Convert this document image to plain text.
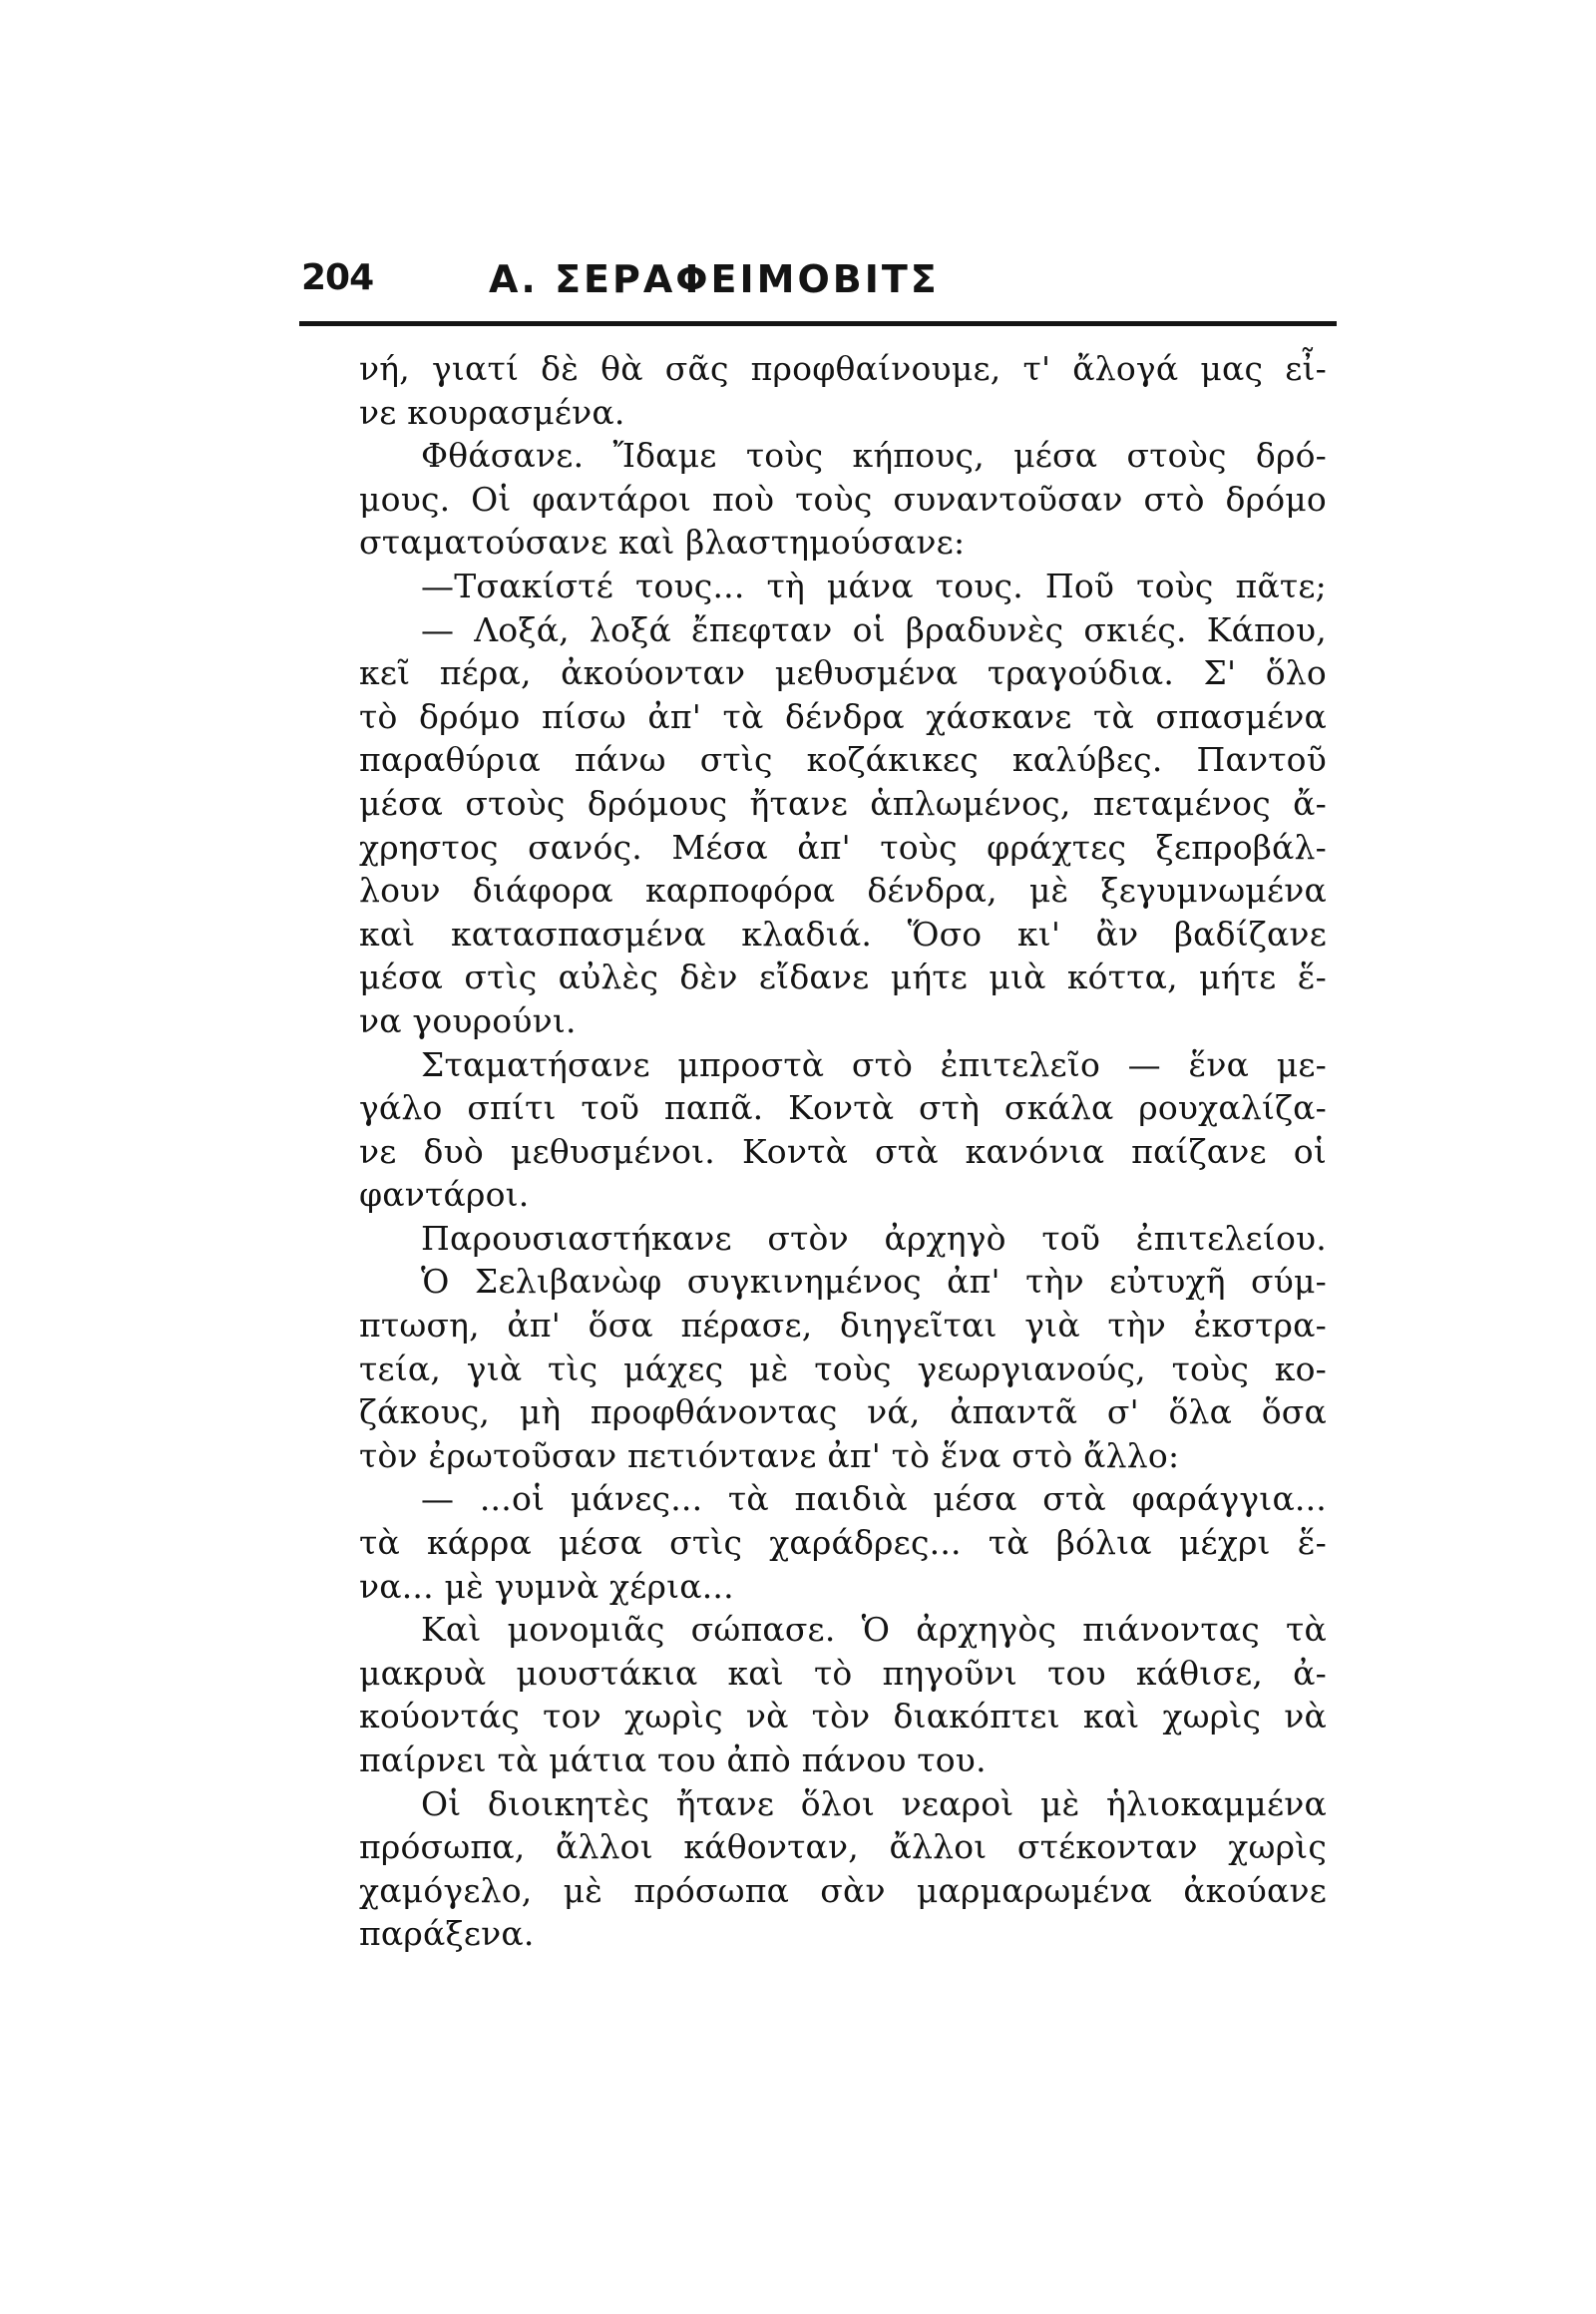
204	Α. ΣΕΡΑΦΕΙΜΟΒΙΤΣ
νή, γιατί δὲ θὰ σᾶς προφθαίνουμε, τ' ἄλογά μας εἶ-
νε κουρασμένα.
Φθάσανε. Ἴδαμε τοὺς κήπους, μέσα στοὺς δρό-
μους. Οἱ φαντάροι ποὺ τοὺς συναντοῦσαν στὸ δρόμο
σταματούσανε καὶ βλαστημούσανε:
—Τσακίστέ τους... τὴ μάνα τους. Ποῦ τοὺς πᾶτε;
— Λοξά, λοξά ἔπεφταν οἱ βραδυνὲς σκιές. Κάπου,
κεῖ πέρα, ἀκούονταν μεθυσμένα τραγούδια. Σ' ὅλο
τὸ δρόμο πίσω ἀπ' τὰ δένδρα χάσκανε τὰ σπασμένα
παραθύρια πάνω στὶς κοζάκικες καλύβες. Παντοῦ
μέσα στοὺς δρόμους ἤτανε ἁπλωμένος, πεταμένος ἄ-
χρηστος σανός. Μέσα ἀπ' τοὺς φράχτες ξεπροβάλ-
λουν διάφορα καρποφόρα δένδρα, μὲ ξεγυμνωμένα
καὶ κατασπασμένα κλαδιά. Ὅσο κι' ἂν βαδίζανε
μέσα στὶς αὐλὲς δὲν εἴδανε μήτε μιὰ κόττα, μήτε ἕ-
να γουρούνι.
Σταματήσανε μπροστὰ στὸ ἐπιτελεῖο — ἕνα με-
γάλο σπίτι τοῦ παπᾶ. Κοντὰ στὴ σκάλα ρουχαλίζα-
νε δυὸ μεθυσμένοι. Κοντὰ στὰ κανόνια παίζανε οἱ
φαντάροι.
Παρουσιαστήκανε στὸν ἀρχηγὸ τοῦ ἐπιτελείου.
Ὁ Σελιβανὼφ συγκινημένος ἀπ' τὴν εὐτυχῆ σύμ-
πτωση, ἀπ' ὅσα πέρασε, διηγεῖται γιὰ τὴν ἐκστρα-
τεία, γιὰ τὶς μάχες μὲ τοὺς γεωργιανούς, τοὺς κο-
ζάκους, μὴ προφθάνοντας νά, ἀπαντᾶ σ' ὅλα ὅσα
τὸν ἐρωτοῦσαν πετιόντανε ἀπ' τὸ ἕνα στὸ ἄλλο:
— ...οἱ μάνες... τὰ παιδιὰ μέσα στὰ φαράγγια...
τὰ κάρρα μέσα στὶς χαράδρες... τὰ βόλια μέχρι ἕ-
να... μὲ γυμνὰ χέρια...
Καὶ μονομιᾶς σώπασε. Ὁ ἀρχηγὸς πιάνοντας τὰ
μακρυὰ μουστάκια καὶ τὸ πηγοῦνι του κάθισε, ἀ-
κούοντάς τον χωρὶς νὰ τὸν διακόπτει καὶ χωρὶς νὰ
παίρνει τὰ μάτια του ἀπὸ πάνου του.
Οἱ διοικητὲς ἤτανε ὅλοι νεαροὶ μὲ ἡλιοκαμμένα
πρόσωπα, ἄλλοι κάθονταν, ἄλλοι στέκονταν χωρὶς
χαμόγελο, μὲ πρόσωπα σὰν μαρμαρωμένα ἀκούανε
παράξενα.
